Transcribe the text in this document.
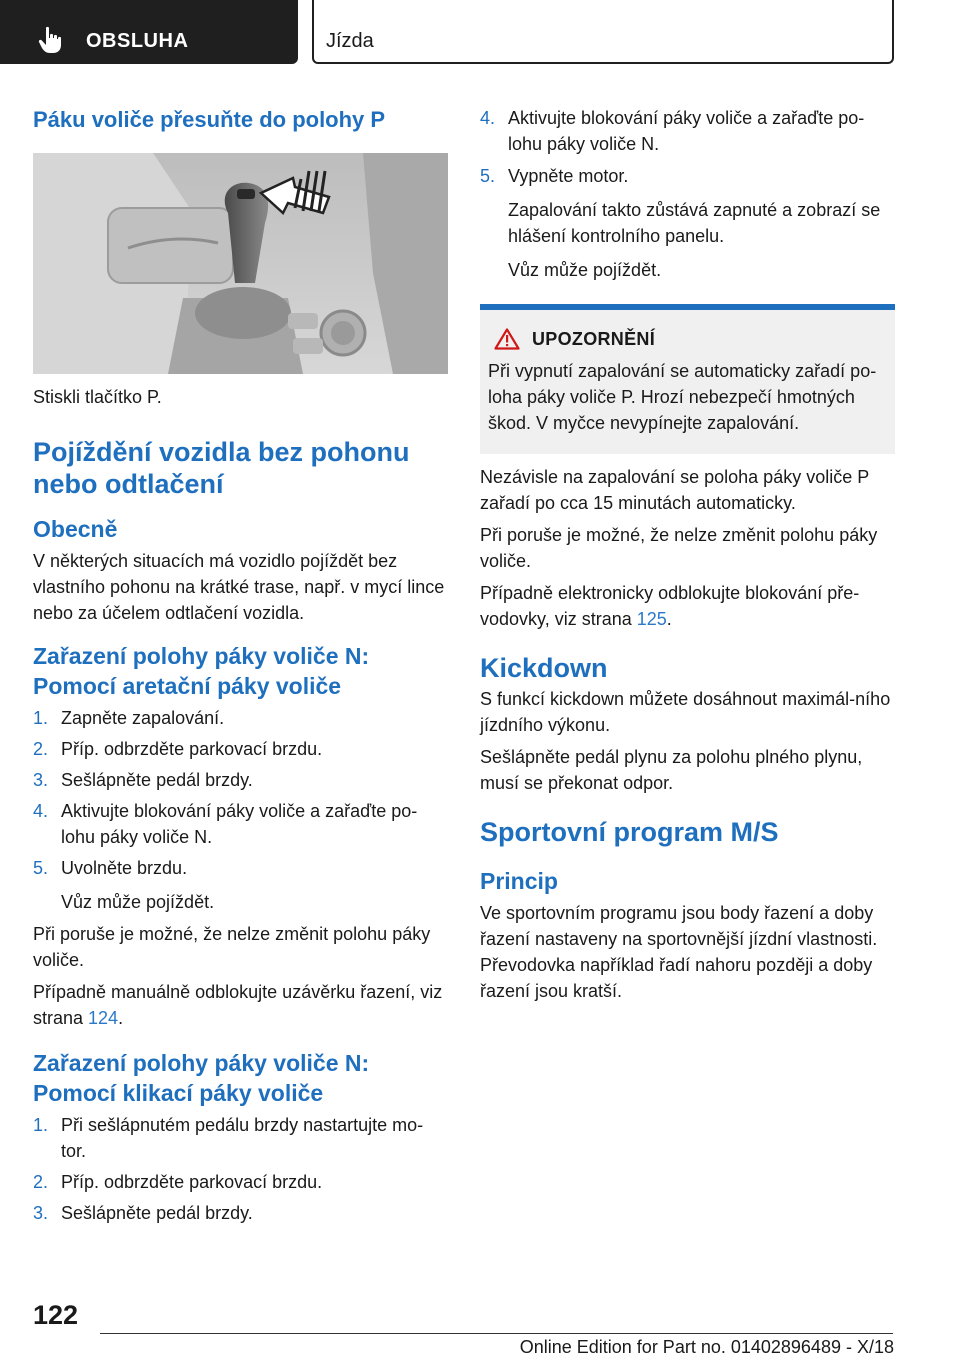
OBSLUHA	Jízda
Páku voliče přesuňte do polohy P

Stiskli tlačítko P.

Pojíždění vozidla bez pohonu nebo odtlačení
Obecně

V některých situacích má vozidlo pojíždět bez vlastního pohonu na krátké trase, např. v mycí lince nebo za účelem odtlačení vozidla.

Zařazení polohy páky voliče N: Pomocí aretační páky voliče
1. Zapněte zapalování.
2. Příp. odbrzděte parkovací brzdu.
3. Sešlápněte pedál brzdy.
4. Aktivujte blokování páky voliče a zařaďte po-lohu páky voliče N.
5. Uvolněte brzdu.
Vůz může pojíždět.

Při poruše je možné, že nelze změnit polohu páky voliče.

Případně manuálně odblokujte uzávěrku řazení, viz strana 124.

Zařazení polohy páky voliče N: Pomocí klikací páky voliče
1. Při sešlápnutém pedálu brzdy nastartujte mo-tor.
2. Příp. odbrzděte parkovací brzdu.
3. Sešlápněte pedál brzdy.
4. Aktivujte blokování páky voliče a zařaďte po-lohu páky voliče N.
5. Vypněte motor.
Zapalování takto zůstává zapnuté a zobrazí se hlášení kontrolního panelu.
Vůz může pojíždět.
UPOZORNĚNÍ

Při vypnutí zapalování se automaticky zařadí po-loha páky voliče P. Hrozí nebezpečí hmotných škod. V myčce nevypínejte zapalování.

Nezávisle na zapalování se poloha páky voliče P zařadí po cca 15 minutách automaticky.

Při poruše je možné, že nelze změnit polohu páky voliče.

Případně elektronicky odblokujte blokování pře-vodovky, viz strana 125.

Kickdown

S funkcí kickdown můžete dosáhnout maximál-ního jízdního výkonu.

Sešlápněte pedál plynu za polohu plného plynu, musí se překonat odpor.

Sportovní program M/S
Princip

Ve sportovním programu jsou body řazení a doby řazení nastaveny na sportovnější jízdní vlastnosti. Převodovka například řadí nahoru později a doby řazení jsou kratší.

122
Online Edition for Part no. 01402896489 - X/18
